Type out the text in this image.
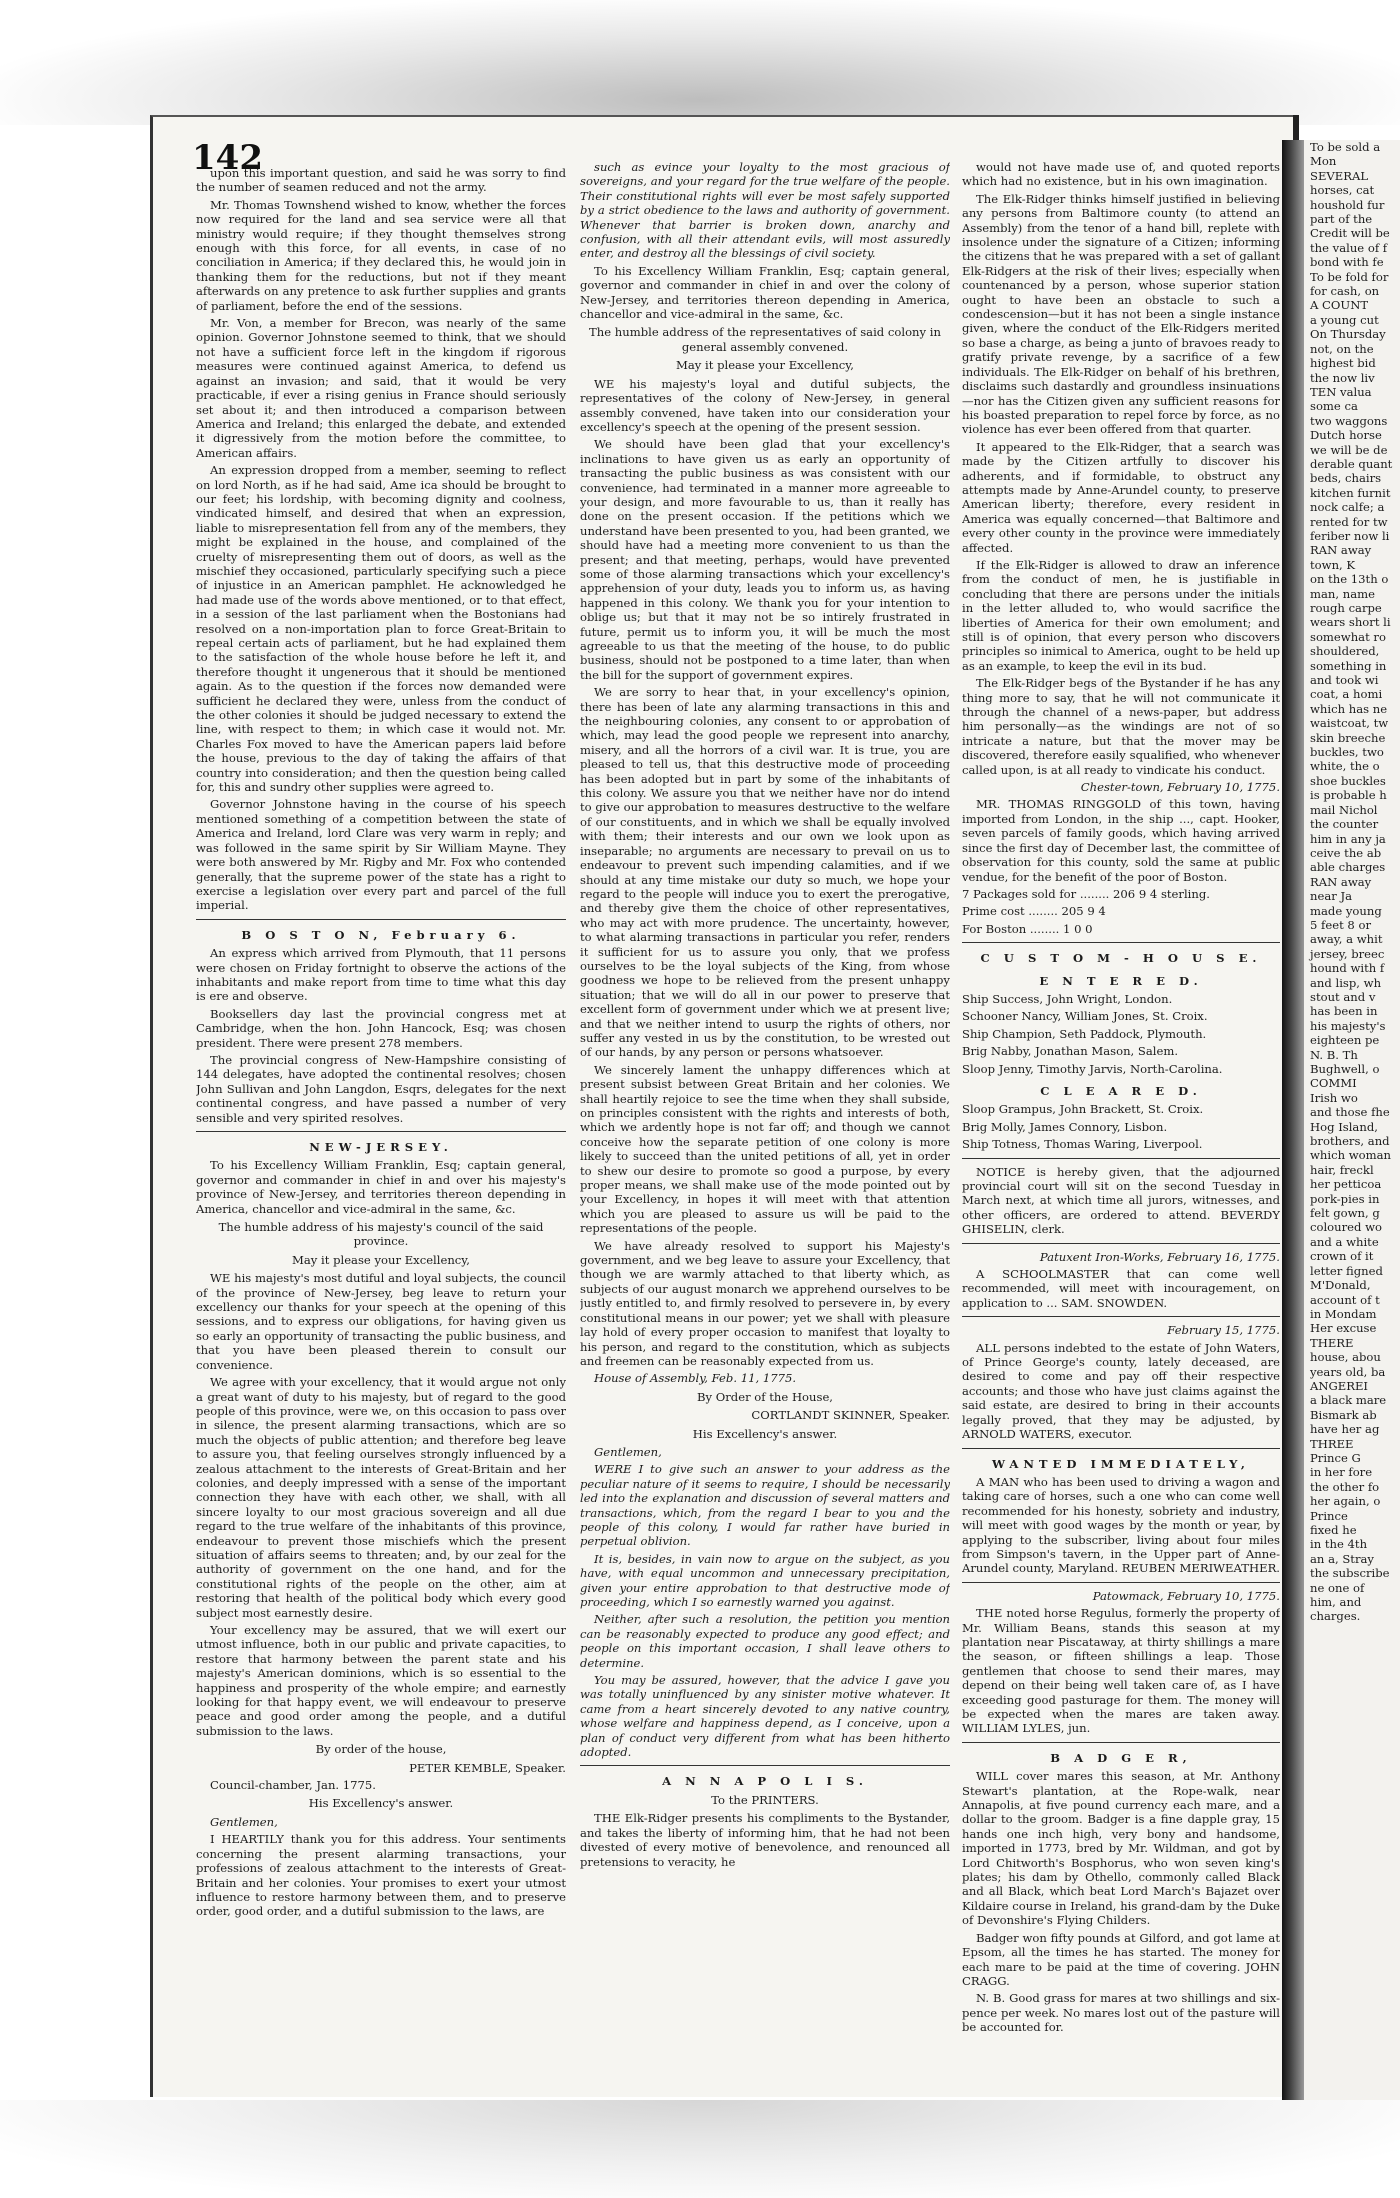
To be sold a
Mon
SEVERAL
horses, cat
houshold fur
part of the
Credit will be
the value of f
bond with fe
To be fold for
for cash, on
A COUNT
a young cut
On Thursday
not, on the
highest bid
the now liv
TEN valua
some ca
two waggons
Dutch horse
we will be de
derable quant
beds, chairs
kitchen furnit
nock calfe; a
rented for tw
feriber now li
RAN away
town, K
on the 13th o
man, name
rough carpe
wears short li
somewhat ro
shouldered,
something in
and took wi
coat, a homi
which has ne
waistcoat, tw
skin breeche
buckles, two
white, the o
shoe buckles
is probable h
mail Nichol
the counter
him in any ja
ceive the ab
able charges
RAN away
near Ja
made young
5 feet 8 or
away, a whit
jersey, breec
hound with f
and lisp, wh
stout and v
has been in
his majesty's
eighteen pe
N. B. Th
Bughwell, o
COMMI
Irish wo
and those fhe
Hog Island,
brothers, and
which woman
hair, freckl
her petticoa
pork-pies in
felt gown, g
coloured wo
and a white
crown of it
letter figned
M'Donald,
account of t
in Mondam
Her excuse
THERE
house, abou
years old, ba
ANGEREI
a black mare
Bismark ab
have her ag
THREE
Prince G
in her fore
the other fo
her again, o
Prince
fixed he
in the 4th
an a, Stray
the subscribe
ne one of
him, and
charges.
142

upon this important question, and said he was sorry to find the number of seamen reduced and not the army.

Mr. Thomas Townshend wished to know, whether the forces now required for the land and sea service were all that ministry would require; if they thought themselves strong enough with this force, for all events, in case of no conciliation in America; if they declared this, he would join in thanking them for the reductions, but not if they meant afterwards on any pretence to ask further supplies and grants of parliament, before the end of the sessions.

Mr. Von, a member for Brecon, was nearly of the same opinion. Governor Johnstone seemed to think, that we should not have a sufficient force left in the kingdom if rigorous measures were continued against America, to defend us against an invasion; and said, that it would be very practicable, if ever a rising genius in France should seriously set about it; and then introduced a comparison between America and Ireland; this enlarged the debate, and extended it digressively from the motion before the committee, to American affairs.

An expression dropped from a member, seeming to reflect on lord North, as if he had said, Ame ica should be brought to our feet; his lordship, with becoming dignity and coolness, vindicated himself, and desired that when an expression, liable to misrepresentation fell from any of the members, they might be explained in the house, and complained of the cruelty of misrepresenting them out of doors, as well as the mischief they occasioned, particularly specifying such a piece of injustice in an American pamphlet. He acknowledged he had made use of the words above mentioned, or to that effect, in a session of the last parliament when the Bostonians had resolved on a non-importation plan to force Great-Britain to repeal certain acts of parliament, but he had explained them to the satisfaction of the whole house before he left it, and therefore thought it ungenerous that it should be mentioned again. As to the question if the forces now demanded were sufficient he declared they were, unless from the conduct of the other colonies it should be judged necessary to extend the line, with respect to them; in which case it would not. Mr. Charles Fox moved to have the American papers laid before the house, previous to the day of taking the affairs of that country into consideration; and then the question being called for, this and sundry other supplies were agreed to.

Governor Johnstone having in the course of his speech mentioned something of a competition between the state of America and Ireland, lord Clare was very warm in reply; and was followed in the same spirit by Sir William Mayne. They were both answered by Mr. Rigby and Mr. Fox who contended generally, that the supreme power of the state has a right to exercise a legislation over every part and parcel of the full imperial.

B O S T O N, February 6.

An express which arrived from Plymouth, that 11 persons were chosen on Friday fortnight to observe the actions of the inhabitants and make report from time to time what this day is ere and observe.

Booksellers day last the provincial congress met at Cambridge, when the hon. John Hancock, Esq; was chosen president. There were present 278 members.

The provincial congress of New-Hampshire consisting of 144 delegates, have adopted the continental resolves; chosen John Sullivan and John Langdon, Esqrs, delegates for the next continental congress, and have passed a number of very sensible and very spirited resolves.

NEW-JERSEY.

To his Excellency William Franklin, Esq; captain general, governor and commander in chief in and over his majesty's province of New-Jersey, and territories thereon depending in America, chancellor and vice-admiral in the same, &c.

The humble address of his majesty's council of the said province.

May it please your Excellency,

WE his majesty's most dutiful and loyal subjects, the council of the province of New-Jersey, beg leave to return your excellency our thanks for your speech at the opening of this sessions, and to express our obligations, for having given us so early an opportunity of transacting the public business, and that you have been pleased therein to consult our convenience.

We agree with your excellency, that it would argue not only a great want of duty to his majesty, but of regard to the good people of this province, were we, on this occasion to pass over in silence, the present alarming transactions, which are so much the objects of public attention; and therefore beg leave to assure you, that feeling ourselves strongly influenced by a zealous attachment to the interests of Great-Britain and her colonies, and deeply impressed with a sense of the important connection they have with each other, we shall, with all sincere loyalty to our most gracious sovereign and all due regard to the true welfare of the inhabitants of this province, endeavour to prevent those mischiefs which the present situation of affairs seems to threaten; and, by our zeal for the authority of government on the one hand, and for the constitutional rights of the people on the other, aim at restoring that health of the political body which every good subject most earnestly desire.

Your excellency may be assured, that we will exert our utmost influence, both in our public and private capacities, to restore that harmony between the parent state and his majesty's American dominions, which is so essential to the happiness and prosperity of the whole empire; and earnestly looking for that happy event, we will endeavour to preserve peace and good order among the people, and a dutiful submission to the laws.

By order of the house,

PETER KEMBLE, Speaker.

Council-chamber, Jan. 1775.

His Excellency's answer.

Gentlemen,

I HEARTILY thank you for this address. Your sentiments concerning the present alarming transactions, your professions of zealous attachment to the interests of Great-Britain and her colonies. Your promises to exert your utmost influence to restore harmony between them, and to preserve order, good order, and a dutiful submission to the laws, are

such as evince your loyalty to the most gracious of sovereigns, and your regard for the true welfare of the people. Their constitutional rights will ever be most safely supported by a strict obedience to the laws and authority of government. Whenever that barrier is broken down, anarchy and confusion, with all their attendant evils, will most assuredly enter, and destroy all the blessings of civil society.

To his Excellency William Franklin, Esq; captain general, governor and commander in chief in and over the colony of New-Jersey, and territories thereon depending in America, chancellor and vice-admiral in the same, &c.

The humble address of the representatives of said colony in general assembly convened.

May it please your Excellency,

WE his majesty's loyal and dutiful subjects, the representatives of the colony of New-Jersey, in general assembly convened, have taken into our consideration your excellency's speech at the opening of the present session.

We should have been glad that your excellency's inclinations to have given us as early an opportunity of transacting the public business as was consistent with our convenience, had terminated in a manner more agreeable to your design, and more favourable to us, than it really has done on the present occasion. If the petitions which we understand have been presented to you, had been granted, we should have had a meeting more convenient to us than the present; and that meeting, perhaps, would have prevented some of those alarming transactions which your excellency's apprehension of your duty, leads you to inform us, as having happened in this colony. We thank you for your intention to oblige us; but that it may not be so intirely frustrated in future, permit us to inform you, it will be much the most agreeable to us that the meeting of the house, to do public business, should not be postponed to a time later, than when the bill for the support of government expires.

We are sorry to hear that, in your excellency's opinion, there has been of late any alarming transactions in this and the neighbouring colonies, any consent to or approbation of which, may lead the good people we represent into anarchy, misery, and all the horrors of a civil war. It is true, you are pleased to tell us, that this destructive mode of proceeding has been adopted but in part by some of the inhabitants of this colony. We assure you that we neither have nor do intend to give our approbation to measures destructive to the welfare of our constituents, and in which we shall be equally involved with them; their interests and our own we look upon as inseparable; no arguments are necessary to prevail on us to endeavour to prevent such impending calamities, and if we should at any time mistake our duty so much, we hope your regard to the people will induce you to exert the prerogative, and thereby give them the choice of other representatives, who may act with more prudence. The uncertainty, however, to what alarming transactions in particular you refer, renders it sufficient for us to assure you only, that we profess ourselves to be the loyal subjects of the King, from whose goodness we hope to be relieved from the present unhappy situation; that we will do all in our power to preserve that excellent form of government under which we at present live; and that we neither intend to usurp the rights of others, nor suffer any vested in us by the constitution, to be wrested out of our hands, by any person or persons whatsoever.

We sincerely lament the unhappy differences which at present subsist between Great Britain and her colonies. We shall heartily rejoice to see the time when they shall subside, on principles consistent with the rights and interests of both, which we ardently hope is not far off; and though we cannot conceive how the separate petition of one colony is more likely to succeed than the united petitions of all, yet in order to shew our desire to promote so good a purpose, by every proper means, we shall make use of the mode pointed out by your Excellency, in hopes it will meet with that attention which you are pleased to assure us will be paid to the representations of the people.

We have already resolved to support his Majesty's government, and we beg leave to assure your Excellency, that though we are warmly attached to that liberty which, as subjects of our august monarch we apprehend ourselves to be justly entitled to, and firmly resolved to persevere in, by every constitutional means in our power; yet we shall with pleasure lay hold of every proper occasion to manifest that loyalty to his person, and regard to the constitution, which as subjects and freemen can be reasonably expected from us.

House of Assembly, Feb. 11, 1775.

By Order of the House,

CORTLANDT SKINNER, Speaker.

His Excellency's answer.

Gentlemen,

WERE I to give such an answer to your address as the peculiar nature of it seems to require, I should be necessarily led into the explanation and discussion of several matters and transactions, which, from the regard I bear to you and the people of this colony, I would far rather have buried in perpetual oblivion.

It is, besides, in vain now to argue on the subject, as you have, with equal uncommon and unnecessary precipitation, given your entire approbation to that destructive mode of proceeding, which I so earnestly warned you against.

Neither, after such a resolution, the petition you mention can be reasonably expected to produce any good effect; and people on this important occasion, I shall leave others to determine.

You may be assured, however, that the advice I gave you was totally uninfluenced by any sinister motive whatever. It came from a heart sincerely devoted to any native country, whose welfare and happiness depend, as I conceive, upon a plan of conduct very different from what has been hitherto adopted.

A N N A P O L I S.

To the PRINTERS.

THE Elk-Ridger presents his compliments to the Bystander, and takes the liberty of informing him, that he had not been divested of every motive of benevolence, and renounced all pretensions to veracity, he

would not have made use of, and quoted reports which had no existence, but in his own imagination.

The Elk-Ridger thinks himself justified in believing any persons from Baltimore county (to attend an Assembly) from the tenor of a hand bill, replete with insolence under the signature of a Citizen; informing the citizens that he was prepared with a set of gallant Elk-Ridgers at the risk of their lives; especially when countenanced by a person, whose superior station ought to have been an obstacle to such a condescension—but it has not been a single instance given, where the conduct of the Elk-Ridgers merited so base a charge, as being a junto of bravoes ready to gratify private revenge, by a sacrifice of a few individuals. The Elk-Ridger on behalf of his brethren, disclaims such dastardly and groundless insinuations—nor has the Citizen given any sufficient reasons for his boasted preparation to repel force by force, as no violence has ever been offered from that quarter.

It appeared to the Elk-Ridger, that a search was made by the Citizen artfully to discover his adherents, and if formidable, to obstruct any attempts made by Anne-Arundel county, to preserve American liberty; therefore, every resident in America was equally concerned—that Baltimore and every other county in the province were immediately affected.

If the Elk-Ridger is allowed to draw an inference from the conduct of men, he is justifiable in concluding that there are persons under the initials in the letter alluded to, who would sacrifice the liberties of America for their own emolument; and still is of opinion, that every person who discovers principles so inimical to America, ought to be held up as an example, to keep the evil in its bud.

The Elk-Ridger begs of the Bystander if he has any thing more to say, that he will not communicate it through the channel of a news-paper, but address him personally—as the windings are not of so intricate a nature, but that the mover may be discovered, therefore easily squalified, who whenever called upon, is at all ready to vindicate his conduct.

Chester-town, February 10, 1775.

MR. THOMAS RINGGOLD of this town, having imported from London, in the ship ..., capt. Hooker, seven parcels of family goods, which having arrived since the first day of December last, the committee of observation for this county, sold the same at public vendue, for the benefit of the poor of Boston.

7 Packages sold for ........ 206 9 4 sterling.

Prime cost ........ 205 9 4

For Boston ........ 1 0 0

C U S T O M - H O U S E.

E N T E R E D.

Ship Success, John Wright, London.

Schooner Nancy, William Jones, St. Croix.

Ship Champion, Seth Paddock, Plymouth.

Brig Nabby, Jonathan Mason, Salem.

Sloop Jenny, Timothy Jarvis, North-Carolina.

C L E A R E D.

Sloop Grampus, John Brackett, St. Croix.

Brig Molly, James Connory, Lisbon.

Ship Totness, Thomas Waring, Liverpool.

NOTICE is hereby given, that the adjourned provincial court will sit on the second Tuesday in March next, at which time all jurors, witnesses, and other officers, are ordered to attend. BEVERDY GHISELIN, clerk.

Patuxent Iron-Works, February 16, 1775.

A SCHOOLMASTER that can come well recommended, will meet with incouragement, on application to ... SAM. SNOWDEN.

February 15, 1775.

ALL persons indebted to the estate of John Waters, of Prince George's county, lately deceased, are desired to come and pay off their respective accounts; and those who have just claims against the said estate, are desired to bring in their accounts legally proved, that they may be adjusted, by ARNOLD WATERS, executor.

WANTED IMMEDIATELY,

A MAN who has been used to driving a wagon and taking care of horses, such a one who can come well recommended for his honesty, sobriety and industry, will meet with good wages by the month or year, by applying to the subscriber, living about four miles from Simpson's tavern, in the Upper part of Anne-Arundel county, Maryland. REUBEN MERIWEATHER.

Patowmack, February 10, 1775.

THE noted horse Regulus, formerly the property of Mr. William Beans, stands this season at my plantation near Piscataway, at thirty shillings a mare the season, or fifteen shillings a leap. Those gentlemen that choose to send their mares, may depend on their being well taken care of, as I have exceeding good pasturage for them. The money will be expected when the mares are taken away. WILLIAM LYLES, jun.

B A D G E R,

WILL cover mares this season, at Mr. Anthony Stewart's plantation, at the Rope-walk, near Annapolis, at five pound currency each mare, and a dollar to the groom. Badger is a fine dapple gray, 15 hands one inch high, very bony and handsome, imported in 1773, bred by Mr. Wildman, and got by Lord Chitworth's Bosphorus, who won seven king's plates; his dam by Othello, commonly called Black and all Black, which beat Lord March's Bajazet over Kildaire course in Ireland, his grand-dam by the Duke of Devonshire's Flying Childers.

Badger won fifty pounds at Gilford, and got lame at Epsom, all the times he has started. The money for each mare to be paid at the time of covering. JOHN CRAGG.

N. B. Good grass for mares at two shillings and six-pence per week. No mares lost out of the pasture will be accounted for.
